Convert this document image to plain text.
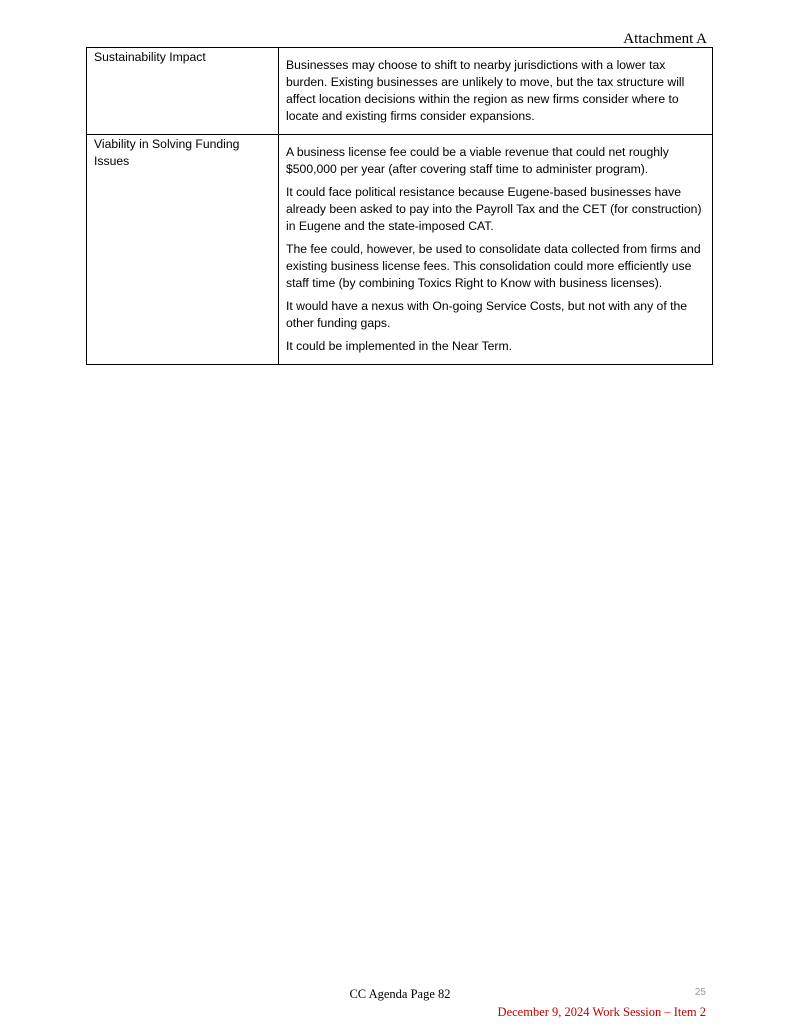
Attachment A
Sustainability Impact	Businesses may choose to shift to nearby jurisdictions with a lower tax burden. Existing businesses are unlikely to move, but the tax structure will affect location decisions within the region as new firms consider where to locate and existing firms consider expansions.

Viability in Solving Funding Issues	A business license fee could be a viable revenue that could net roughly $500,000 per year (after covering staff time to administer program).

It could face political resistance because Eugene-based businesses have already been asked to pay into the Payroll Tax and the CET (for construction) in Eugene and the state-imposed CAT.

The fee could, however, be used to consolidate data collected from firms and existing business license fees. This consolidation could more efficiently use staff time (by combining Toxics Right to Know with business licenses).

It would have a nexus with On-going Service Costs, but not with any of the other funding gaps.

It could be implemented in the Near Term.

CC Agenda Page 82	25
December 9, 2024 Work Session – Item 2
